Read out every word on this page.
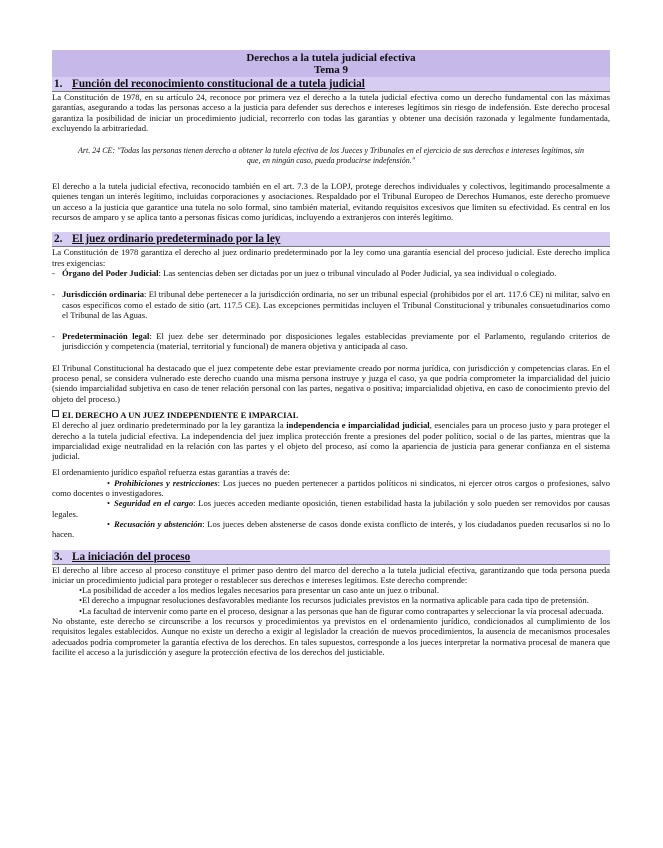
Derechos a la tutela judicial efectiva
Tema 9
1. Función del reconocimiento constitucional de a tutela judicial

La Constitución de 1978, en su artículo 24, reconoce por primera vez el derecho a la tutela judicial efectiva como un derecho fundamental con las máximas garantías, asegurando a todas las personas acceso a la justicia para defender sus derechos e intereses legítimos sin riesgo de indefensión. Este derecho procesal garantiza la posibilidad de iniciar un procedimiento judicial, recorrerlo con todas las garantías y obtener una decisión razonada y legalmente fundamentada, excluyendo la arbitrariedad.

Art. 24 CE: "Todas las personas tienen derecho a obtener la tutela efectiva de los Jueces y Tribunales en el ejercicio de sus derechos e intereses legítimos, sin que, en ningún caso, pueda producirse indefensión."

El derecho a la tutela judicial efectiva, reconocido también en el art. 7.3 de la LOPJ, protege derechos individuales y colectivos, legitimando procesalmente a quienes tengan un interés legítimo, incluidas corporaciones y asociaciones. Respaldado por el Tribunal Europeo de Derechos Humanos, este derecho promueve un acceso a la justicia que garantice una tutela no solo formal, sino también material, evitando requisitos excesivos que limiten su efectividad. Es central en los recursos de amparo y se aplica tanto a personas físicas como jurídicas, incluyendo a extranjeros con interés legítimo.

2. El juez ordinario predeterminado por la ley

La Constitución de 1978 garantiza el derecho al juez ordinario predeterminado por la ley como una garantía esencial del proceso judicial. Este derecho implica tres exigencias:

- Órgano del Poder Judicial: Las sentencias deben ser dictadas por un juez o tribunal vinculado al Poder Judicial, ya sea individual o colegiado.
- Jurisdicción ordinaria: El tribunal debe pertenecer a la jurisdicción ordinaria, no ser un tribunal especial (prohibidos por el art. 117.6 CE) ni militar, salvo en casos específicos como el estado de sitio (art. 117.5 CE). Las excepciones permitidas incluyen el Tribunal Constitucional y tribunales consuetudinarios como el Tribunal de las Aguas.
- Predeterminación legal: El juez debe ser determinado por disposiciones legales establecidas previamente por el Parlamento, regulando criterios de jurisdicción y competencia (material, territorial y funcional) de manera objetiva y anticipada al caso.

El Tribunal Constitucional ha destacado que el juez competente debe estar previamente creado por norma jurídica, con jurisdicción y competencias claras. En el proceso penal, se considera vulnerado este derecho cuando una misma persona instruye y juzga el caso, ya que podría comprometer la imparcialidad del juicio (siendo imparcialidad subjetiva en caso de tener relación personal con las partes, negativa o positiva; imparcialidad objetiva, en caso de conocimiento previo del objeto del proceso.)

EL DERECHO A UN JUEZ INDEPENDIENTE E IMPARCIAL

El derecho al juez ordinario predeterminado por la ley garantiza la independencia e imparcialidad judicial, esenciales para un proceso justo y para proteger el derecho a la tutela judicial efectiva. La independencia del juez implica protección frente a presiones del poder político, social o de las partes, mientras que la imparcialidad exige neutralidad en la relación con las partes y el objeto del proceso, así como la apariencia de justicia para generar confianza en el sistema judicial.

El ordenamiento jurídico español refuerza estas garantías a través de:

• Prohibiciones y restricciones: Los jueces no pueden pertenecer a partidos políticos ni sindicatos, ni ejercer otros cargos o profesiones, salvo como docentes o investigadores.

• Seguridad en el cargo: Los jueces acceden mediante oposición, tienen estabilidad hasta la jubilación y solo pueden ser removidos por causas legales.

• Recusación y abstención: Los jueces deben abstenerse de casos donde exista conflicto de interés, y los ciudadanos pueden recusarlos si no lo hacen.

3. La iniciación del proceso

El derecho al libre acceso al proceso constituye el primer paso dentro del marco del derecho a la tutela judicial efectiva, garantizando que toda persona pueda iniciar un procedimiento judicial para proteger o restablecer sus derechos e intereses legítimos. Este derecho comprende:

•La posibilidad de acceder a los medios legales necesarios para presentar un caso ante un juez o tribunal.

•El derecho a impugnar resoluciones desfavorables mediante los recursos judiciales previstos en la normativa aplicable para cada tipo de pretensión.

•La facultad de intervenir como parte en el proceso, designar a las personas que han de figurar como contrapartes y seleccionar la vía procesal adecuada.

No obstante, este derecho se circunscribe a los recursos y procedimientos ya previstos en el ordenamiento jurídico, condicionados al cumplimiento de los requisitos legales establecidos. Aunque no existe un derecho a exigir al legislador la creación de nuevos procedimientos, la ausencia de mecanismos procesales adecuados podría comprometer la garantía efectiva de los derechos. En tales supuestos, corresponde a los jueces interpretar la normativa procesal de manera que facilite el acceso a la jurisdicción y asegure la protección efectiva de los derechos del justiciable.
